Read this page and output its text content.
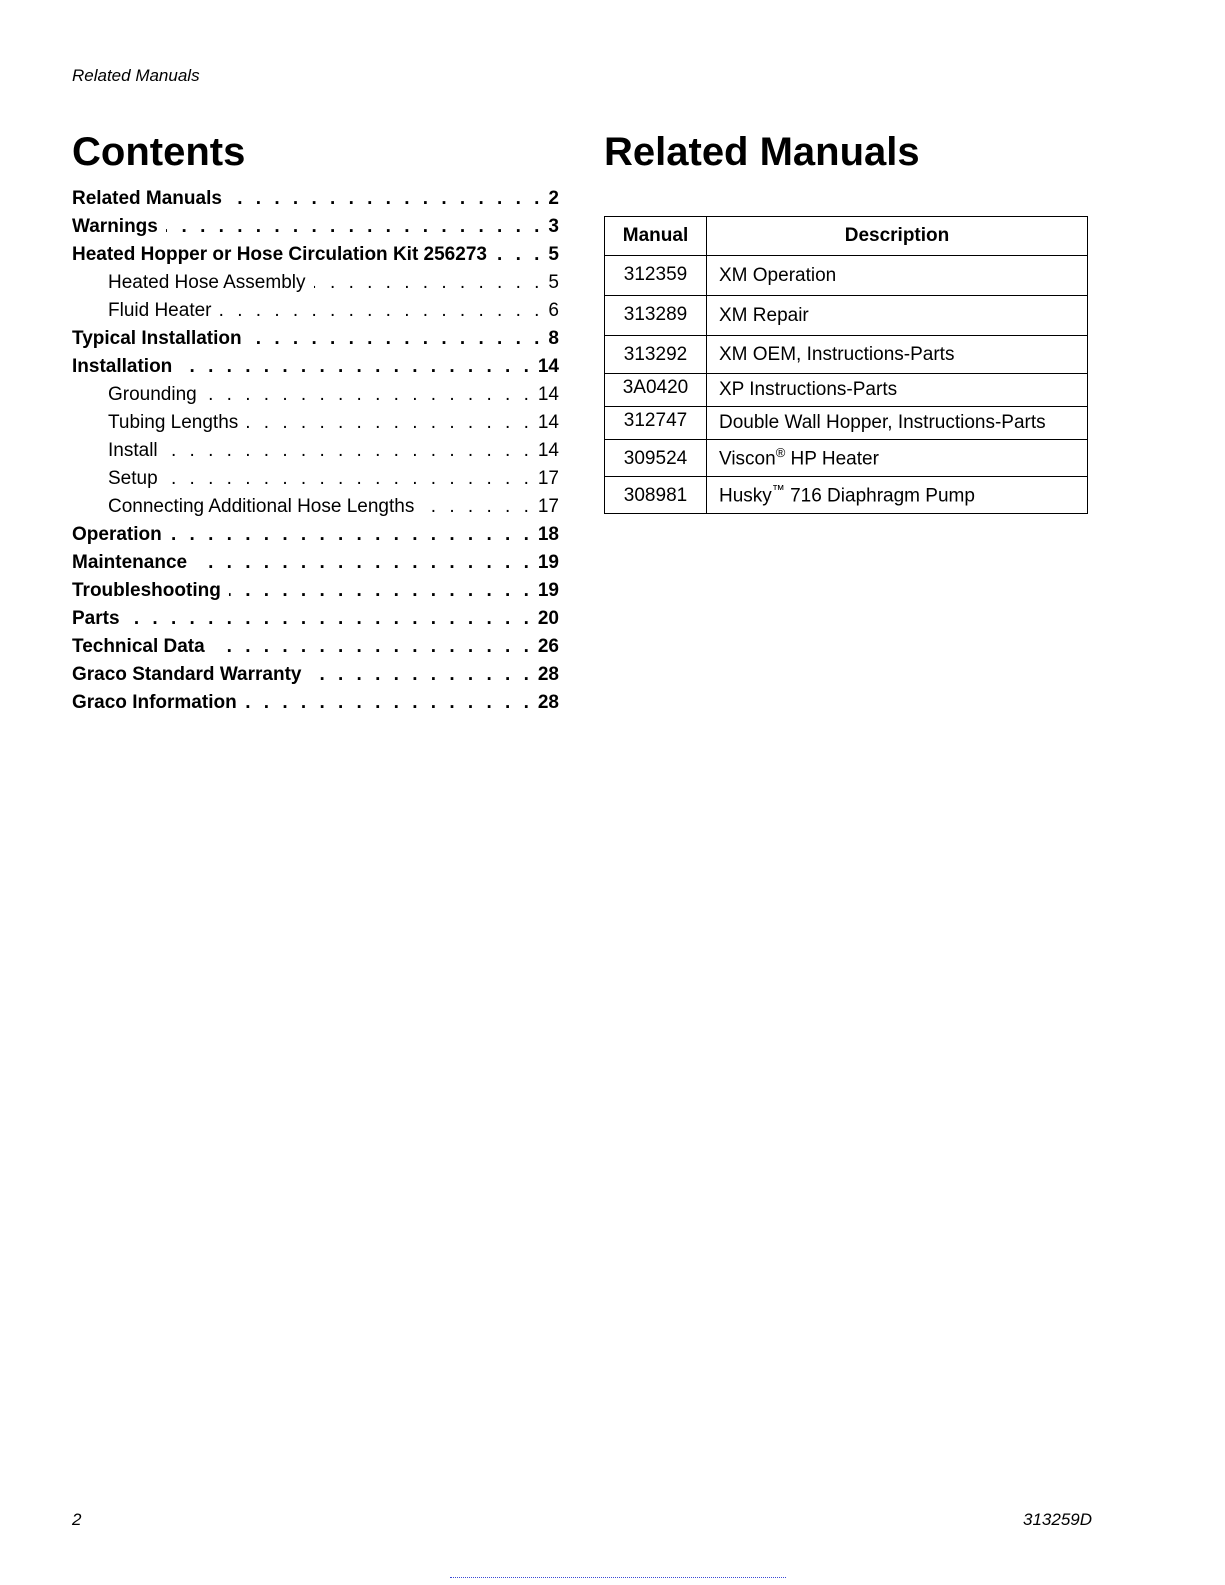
Related Manuals
Contents
Related Manuals . . .	2
Warnings . . .	3
Heated Hopper or Hose Circulation Kit 256273 . . .	5
Heated Hose Assembly . . .	5
Fluid Heater . . .	6
Typical Installation . . .	8
Installation . . .	14
Grounding . . .	14
Tubing Lengths . . .	14
Install . . .	14
Setup . . .	17
Connecting Additional Hose Lengths . . .	17
Operation . . .	18
Maintenance . . .	19
Troubleshooting . . .	19
Parts . . .	20
Technical Data . . .	26
Graco Standard Warranty . . .	28
Graco Information . . .	28
Related Manuals
Manual	Description
312359	XM Operation
313289	XM Repair
313292	XM OEM, Instructions-Parts
3A0420	XP Instructions-Parts
312747	Double Wall Hopper, Instructions-Parts
309524	Viscon® HP Heater
308981	Husky™ 716 Diaphragm Pump
2	313259D
